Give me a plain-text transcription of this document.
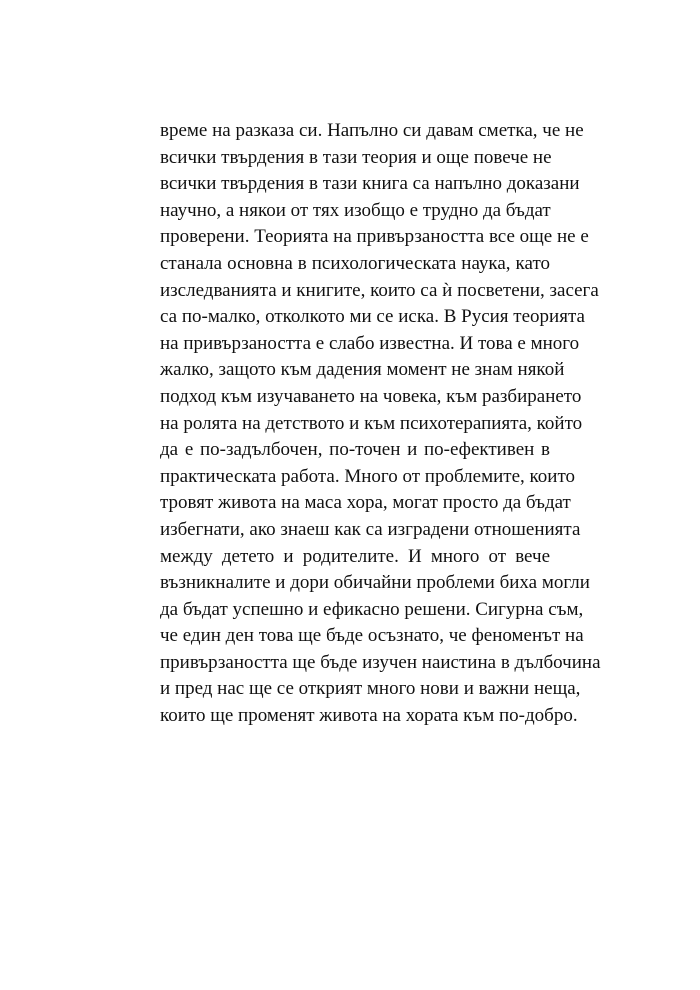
време на разказа си. Напълно си давам сметка, че не
всички твърдения в тази теория и още повече не
всички твърдения в тази книга са напълно доказани
научно, а някои от тях изобщо е трудно да бъдат
проверени. Теорията на привързаността все още не е
станала основна в психологическата наука, като
изследванията и книгите, които са ѝ посветени, засега
са по-малко, отколкото ми се иска. В Русия теорията
на привързаността е слабо известна. И това е много
жалко, защото към дадения момент не знам някой
подход към изучаването на човека, към разбирането
на ролята на детството и към психотерапията, който
да е по-задълбочен, по-точен и по-ефективен в
практическата работа. Много от проблемите, които
тровят живота на маса хора, могат просто да бъдат
избегнати, ако знаеш как са изградени отношенията
между детето и родителите. И много от вече
възникналите и дори обичайни проблеми биха могли
да бъдат успешно и ефикасно решени. Сигурна съм,
че един ден това ще бъде осъзнато, че феноменът на
привързаността ще бъде изучен наистина в дълбочина
и пред нас ще се открият много нови и важни неща,
които ще променят живота на хората към по-добро.
